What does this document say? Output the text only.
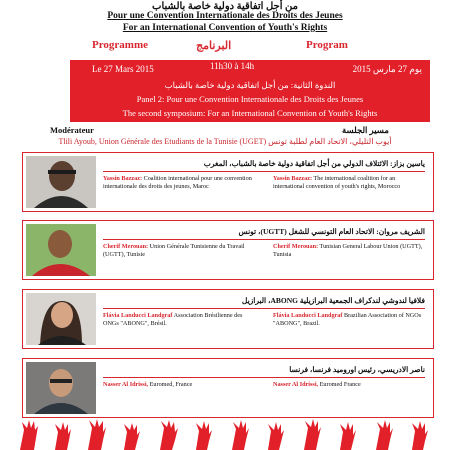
من أجل اتفاقية دولية خاصة بالشباب
Pour une Convention Internationale des Droits des Jeunes
For an International Convention of Youth's Rights
Programme	البرنامج	Program
Le 27 Mars 2015	11h30 à 14h	يوم 27 مارس 2015
الندوة الثانية: من أجل اتفاقية دولية خاصة بالشباب
Panel 2: Pour une Convention Internationale des Droits des Jeunes
The second symposium: For an International Convention of Youth's Rights
Modérateur	مسير الجلسة
Tlili Ayoub, Union Générale des Etudiants de la Tunisie (UGET) أيوب التليلي، الاتحاد العام لطلبة تونس
ياسين بزاز: الائتلاف الدولي من أجل اتفاقية دولية خاصة بالشباب، المغرب
Yassin Bazzaz: Coalition international pour une convention internationale des droits des jeunes, Maroc
Yassin Bazzaz: The international coalition for an international convention of youth's rights, Morocco
الشريف مروان: الاتحاد العام التونسي للشغل (UGTT)، تونس
Cherif Merouan: Union Générale Tunisienne du Travail (UGTT), Tunisie
Cherif Merouan: Tunisian General Labour Union (UGTT), Tunisia
فلافيا لندوشي لندكراف الجمعية البرازيلية ABONG، البرازيل
Flávia Landucci Landgraf Association Brésilienne des ONGs "ABONG", Brésil.
Flávia Landucci Landgraf Brazilian Association of NGOs "ABONG", Brazil.
ناصر الادريسي، رئيس اوروميد فرنسا، فرنسا
Nasser Al Idrissi, Euromed, France	Nasser Al Idrissi, Euromed France
